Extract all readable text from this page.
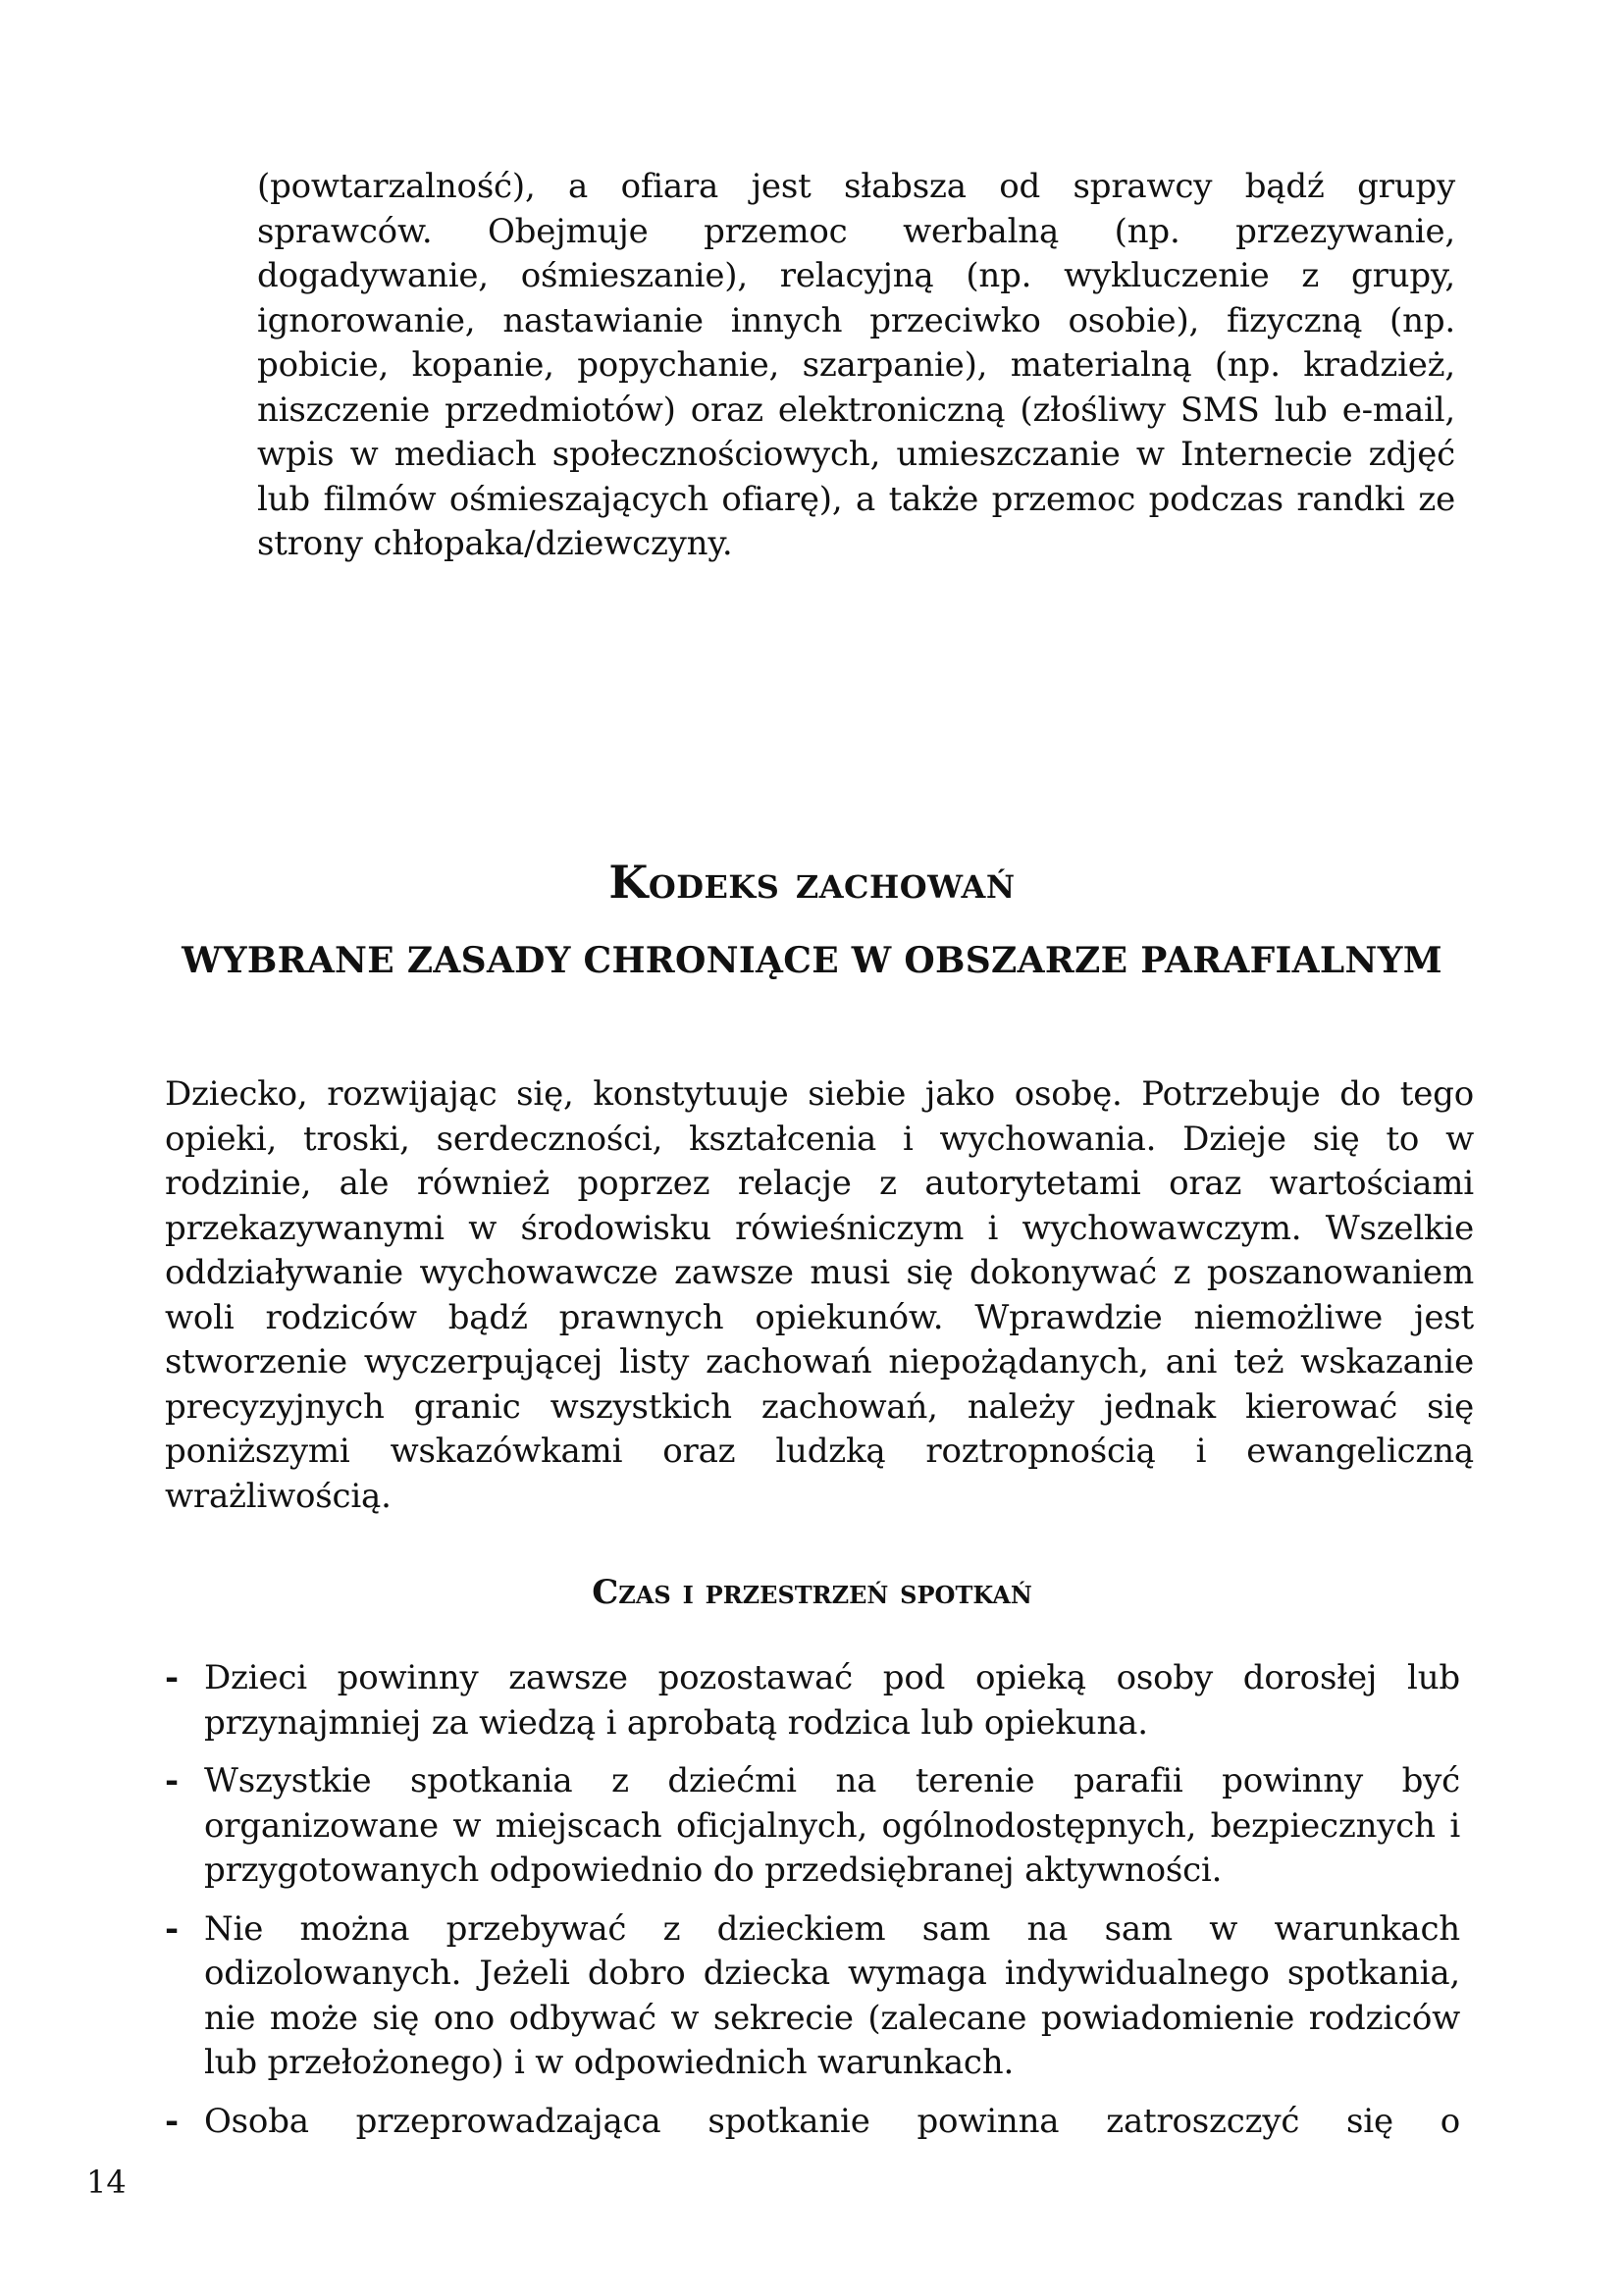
(powtarzalność), a ofiara jest słabsza od sprawcy bądź grupy sprawców. Obejmuje przemoc werbalną (np. przezywanie, dogadywanie, ośmieszanie), relacyjną (np. wykluczenie z grupy, ignorowanie, nastawianie innych przeciwko osobie), fizyczną (np. pobicie, kopanie, popychanie, szarpanie), materialną (np. kradzież, niszczenie przedmiotów) oraz elektroniczną (złośliwy SMS lub e-mail, wpis w mediach społecznościowych, umieszczanie w Internecie zdjęć lub filmów ośmieszających ofiarę), a także przemoc podczas randki ze strony chłopaka/dziewczyny.

Kodeks zachowań
WYBRANE ZASADY CHRONIĄCE W OBSZARZE PARAFIALNYM

Dziecko, rozwijając się, konstytuuje siebie jako osobę. Potrzebuje do tego opieki, troski, serdeczności, kształcenia i wychowania. Dzieje się to w rodzinie, ale również poprzez relacje z autorytetami oraz wartościami przekazywanymi w środowisku rówieśniczym i wychowawczym. Wszelkie oddziaływanie wychowawcze zawsze musi się dokonywać z poszanowaniem woli rodziców bądź prawnych opiekunów. Wprawdzie niemożliwe jest stworzenie wyczerpującej listy zachowań niepożądanych, ani też wskazanie precyzyjnych granic wszystkich zachowań, należy jednak kierować się poniższymi wskazówkami oraz ludzką roztropnością i ewangeliczną wrażliwością.

Czas i przestrzeń spotkań
- Dzieci powinny zawsze pozostawać pod opieką osoby dorosłej lub przynajmniej za wiedzą i aprobatą rodzica lub opiekuna.

- Wszystkie spotkania z dziećmi na terenie parafii powinny być organizowane w miejscach oficjalnych, ogólnodostępnych, bezpiecznych i przygotowanych odpowiednio do przedsiębranej aktywności.

- Nie można przebywać z dzieckiem sam na sam w warunkach odizolowanych. Jeżeli dobro dziecka wymaga indywidualnego spotkania, nie może się ono odbywać w sekrecie (zalecane powiadomienie rodziców lub przełożonego) i w odpowiednich warunkach.

- Osoba przeprowadzająca spotkanie powinna zatroszczyć się o

14
